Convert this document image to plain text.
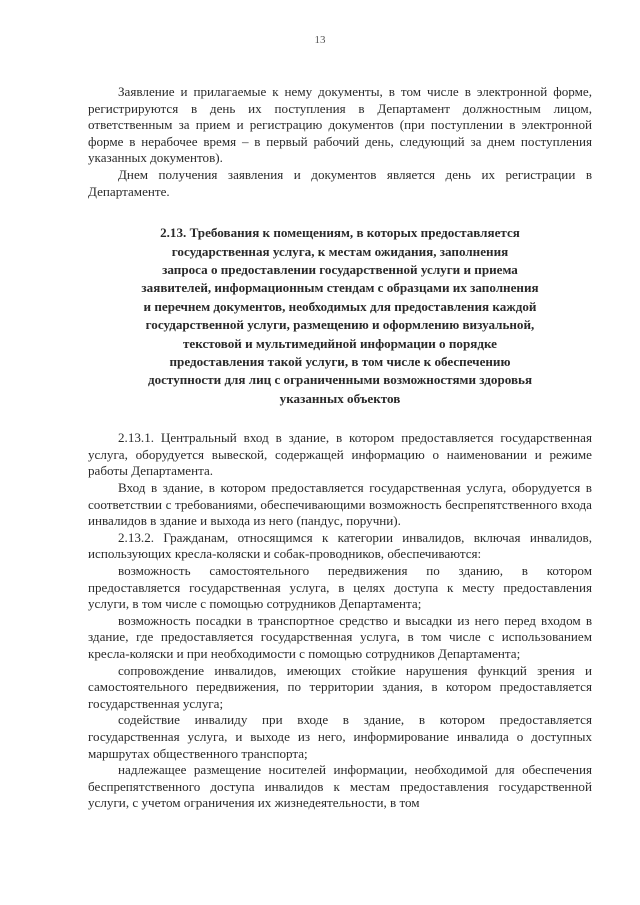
13

Заявление и прилагаемые к нему документы, в том числе в электронной форме, регистрируются в день их поступления в Департамент должностным лицом, ответственным за прием и регистрацию документов (при поступлении в электронной форме в нерабочее время – в первый рабочий день, следующий за днем поступления указанных документов).

Днем получения заявления и документов является день их регистрации в Департаменте.

2.13. Требования к помещениям, в которых предоставляется
государственная услуга, к местам ожидания, заполнения
запроса о предоставлении государственной услуги и приема
заявителей, информационным стендам с образцами их заполнения
и перечнем документов, необходимых для предоставления каждой
государственной услуги, размещению и оформлению визуальной,
текстовой и мультимедийной информации о порядке
предоставления такой услуги, в том числе к обеспечению
доступности для лиц с ограниченными возможностями здоровья
указанных объектов

2.13.1. Центральный вход в здание, в котором предоставляется государственная услуга, оборудуется вывеской, содержащей информацию о наименовании и режиме работы Департамента.

Вход в здание, в котором предоставляется государственная услуга, оборудуется в соответствии с требованиями, обеспечивающими возможность беспрепятственного входа инвалидов в здание и выхода из него (пандус, поручни).

2.13.2. Гражданам, относящимся к категории инвалидов, включая инвалидов, использующих кресла-коляски и собак-проводников, обеспечиваются:

возможность самостоятельного передвижения по зданию, в котором предоставляется государственная услуга, в целях доступа к месту предоставления услуги, в том числе с помощью сотрудников Департамента;

возможность посадки в транспортное средство и высадки из него перед входом в здание, где предоставляется государственная услуга, в том числе с использованием кресла-коляски и при необходимости с помощью сотрудников Департамента;

сопровождение инвалидов, имеющих стойкие нарушения функций зрения и самостоятельного передвижения, по территории здания, в котором предоставляется государственная услуга;

содействие инвалиду при входе в здание, в котором предоставляется государственная услуга, и выходе из него, информирование инвалида о доступных маршрутах общественного транспорта;

надлежащее размещение носителей информации, необходимой для обеспечения беспрепятственного доступа инвалидов к местам предоставления государственной услуги, с учетом ограничения их жизнедеятельности, в том
